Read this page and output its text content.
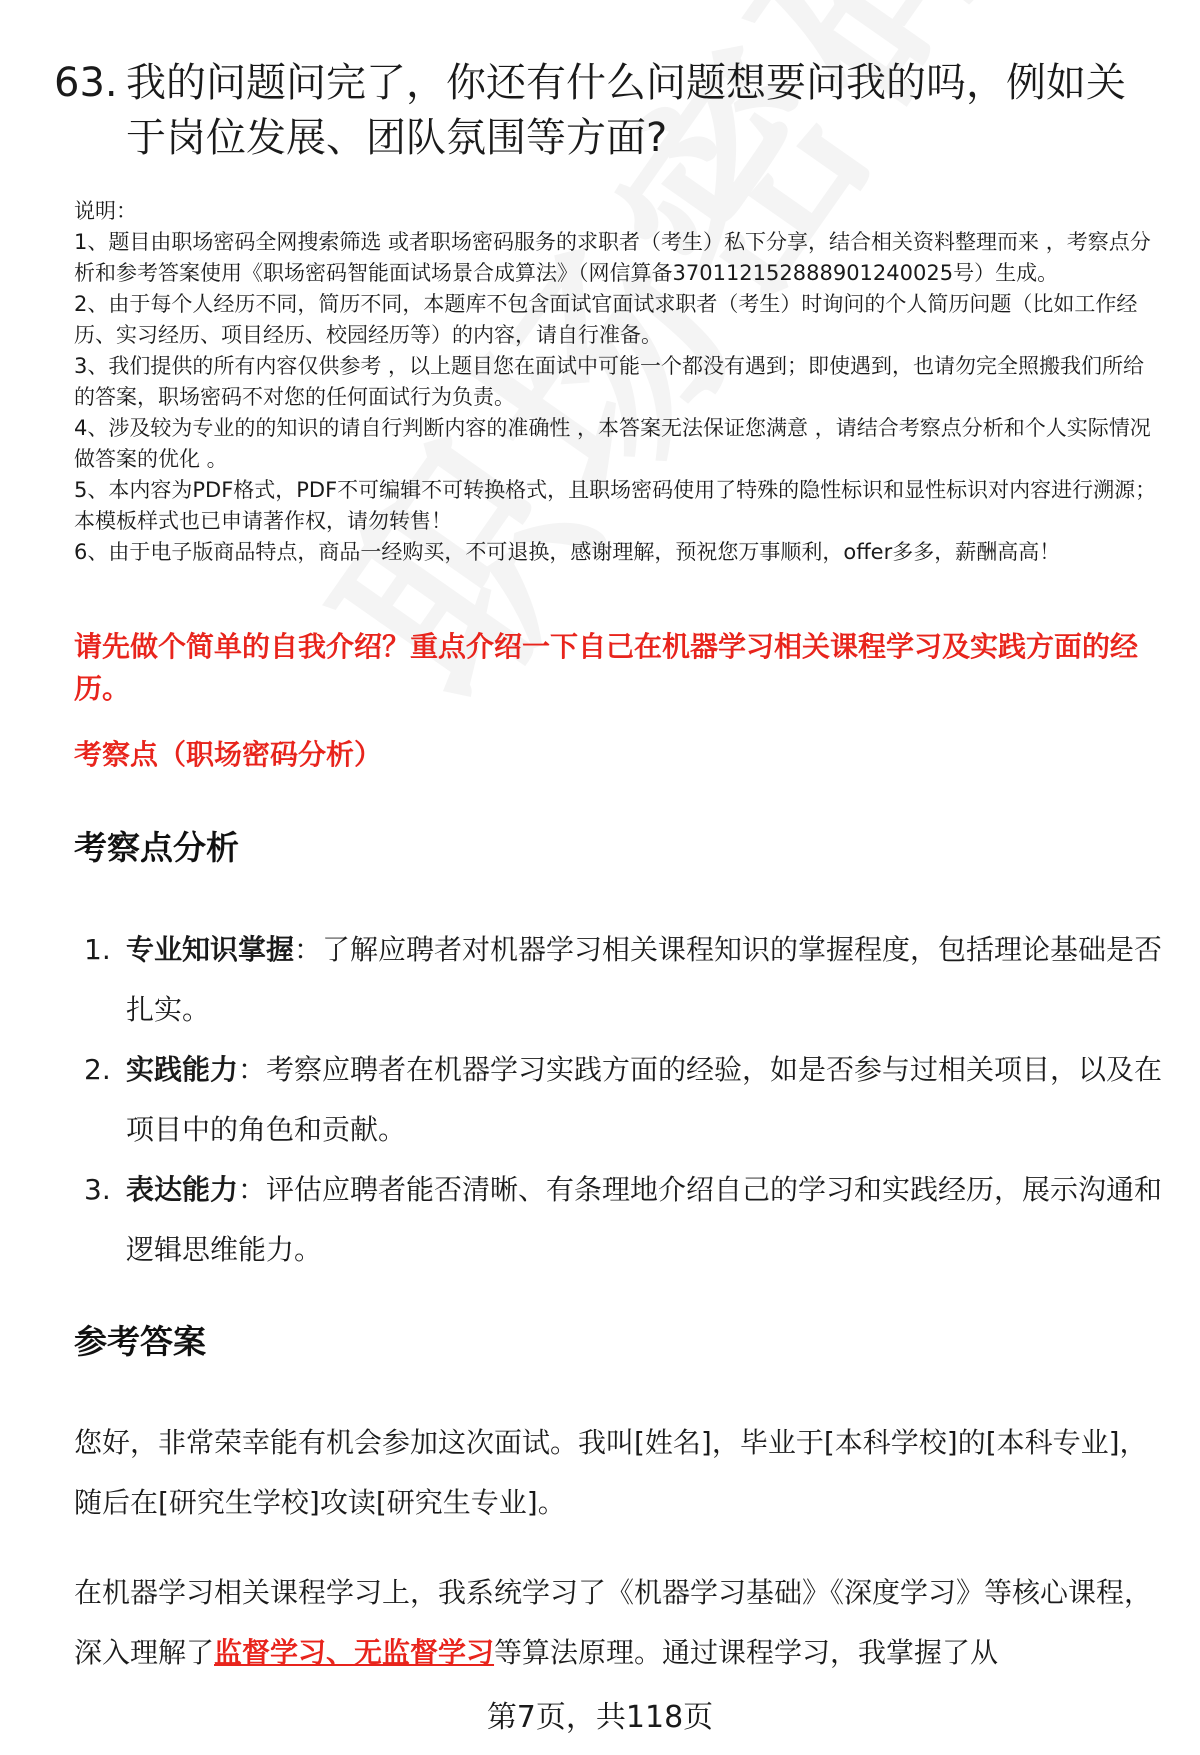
63. 我的问题问完了，你还有什么问题想要问我的吗，例如关于岗位发展、团队氛围等方面?

说明：

1、题目由职场密码全网搜索筛选 或者职场密码服务的求职者（考生）私下分享，结合相关资料整理而来 ，考察点分析和参考答案使用《职场密码智能面试场景合成算法》（网信算备370112152888901240025号）生成。

2、由于每个人经历不同，简历不同，本题库不包含面试官面试求职者（考生）时询问的个人简历问题（比如工作经历、实习经历、项目经历、校园经历等）的内容，请自行准备。

3、我们提供的所有内容仅供参考 ，以上题目您在面试中可能一个都没有遇到；即使遇到，也请勿完全照搬我们所给的答案，职场密码不对您的任何面试行为负责。

4、涉及较为专业的的知识的请自行判断内容的准确性 ，本答案无法保证您满意 ，请结合考察点分析和个人实际情况做答案的优化 。

5、本内容为PDF格式，PDF不可编辑不可转换格式，且职场密码使用了特殊的隐性标识和显性标识对内容进行溯源；本模板样式也已申请著作权，请勿转售！

6、由于电子版商品特点，商品一经购买，不可退换，感谢理解，预祝您万事顺利，offer多多，薪酬高高！

请先做个简单的自我介绍？重点介绍一下自己在机器学习相关课程学习及实践方面的经历。
考察点（职场密码分析）
考察点分析
1. 专业知识掌握：了解应聘者对机器学习相关课程知识的掌握程度，包括理论基础是否扎实。
2. 实践能力：考察应聘者在机器学习实践方面的经验，如是否参与过相关项目，以及在项目中的角色和贡献。
3. 表达能力：评估应聘者能否清晰、有条理地介绍自己的学习和实践经历，展示沟通和逻辑思维能力。
参考答案

您好，非常荣幸能有机会参加这次面试。我叫[姓名]，毕业于[本科学校]的[本科专业]，随后在[研究生学校]攻读[研究生专业]。

在机器学习相关课程学习上，我系统学习了《机器学习基础》《深度学习》等核心课程，深入理解了监督学习、无监督学习等算法原理。通过课程学习，我掌握了从

第7页，共118页
